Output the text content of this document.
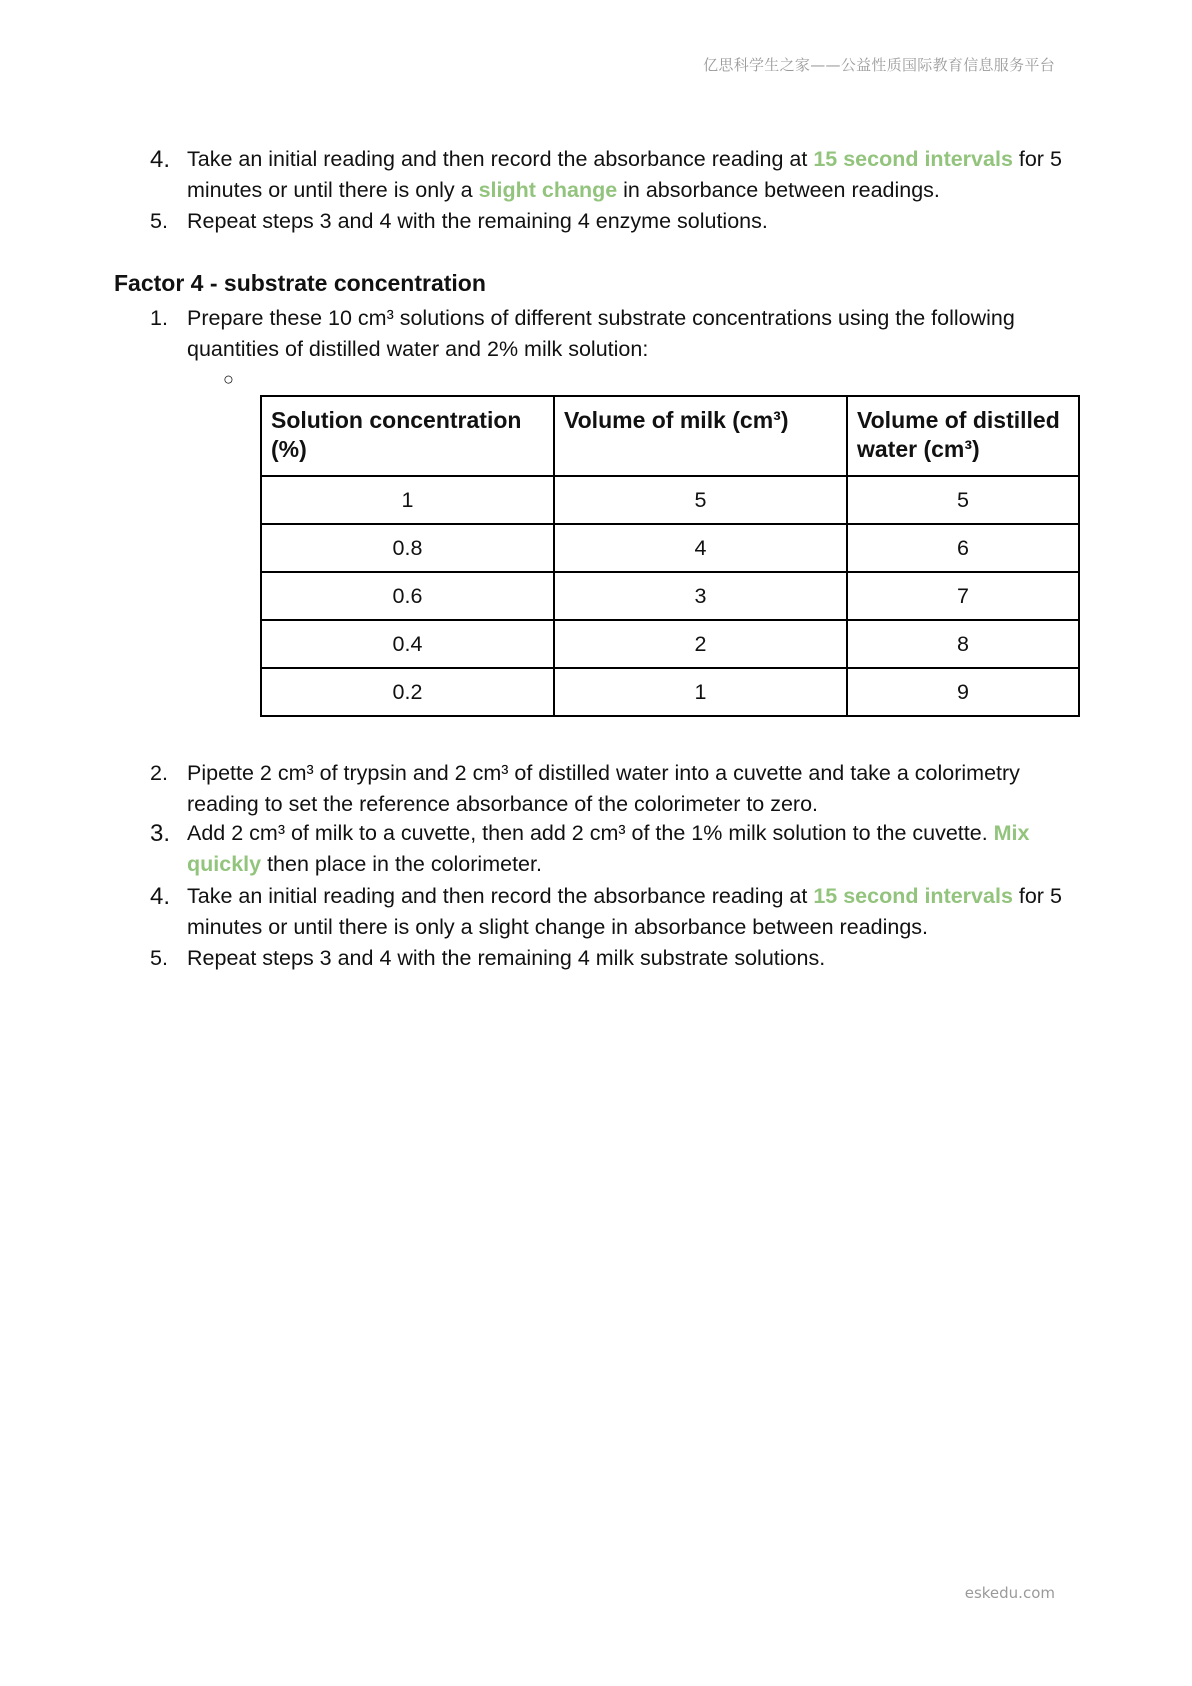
亿思科学生之家——公益性质国际教育信息服务平台
4. Take an initial reading and then record the absorbance reading at 15 second intervals for 5 minutes or until there is only a slight change in absorbance between readings.
5. Repeat steps 3 and 4 with the remaining 4 enzyme solutions.
Factor 4 - substrate concentration
1. Prepare these 10 cm³ solutions of different substrate concentrations using the following quantities of distilled water and 2% milk solution:
○
Solution concentration (%)	Volume of milk (cm³)	Volume of distilled water (cm³)
1	5	5
0.8	4	6
0.6	3	7
0.4	2	8
0.2	1	9
2. Pipette 2 cm³ of trypsin and 2 cm³ of distilled water into a cuvette and take a colorimetry reading to set the reference absorbance of the colorimeter to zero.
3. Add 2 cm³ of milk to a cuvette, then add 2 cm³ of the 1% milk solution to the cuvette. Mix quickly then place in the colorimeter.
4. Take an initial reading and then record the absorbance reading at 15 second intervals for 5 minutes or until there is only a slight change in absorbance between readings.
5. Repeat steps 3 and 4 with the remaining 4 milk substrate solutions.
eskedu.com
